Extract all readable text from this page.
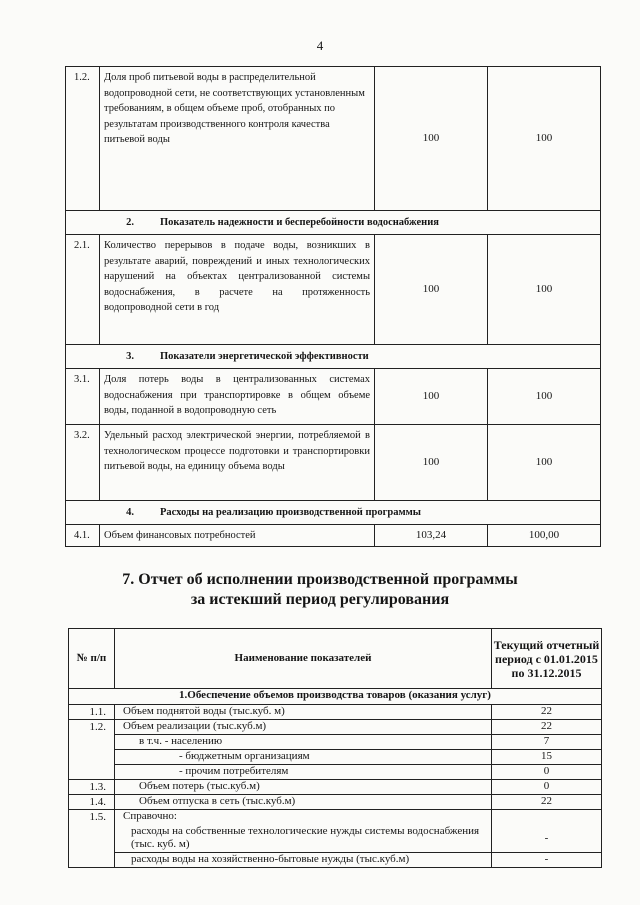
4
1.2.	Доля проб питьевой воды в распределительной водопроводной сети, не соответствующих установленным требованиям, в общем объеме проб, отобранных по результатам производственного контроля качества питьевой воды	100	100
2. Показатель надежности и бесперебойности водоснабжения			
2.1.	Количество перерывов в подаче воды, возникших в результате аварий, повреждений и иных технологических нарушений на объектах централизованной системы водоснабжения, в расчете на протяженность водопроводной сети в год	100	100
3. Показатели энергетической эффективности			
3.1.	Доля потерь воды в централизованных системах водоснабжения при транспортировке в общем объеме воды, поданной в водопроводную сеть	100	100
3.2.	Удельный расход электрической энергии, потребляемой в технологическом процессе подготовки и транспортировки питьевой воды, на единицу объема воды	100	100
4. Расходы на реализацию производственной программы			
4.1.	Объем финансовых потребностей	103,24	100,00
7. Отчет об исполнении производственной программы
за истекший период регулирования
№ п/п	Наименование показателей	Текущий отчетный период с 01.01.2015 по 31.12.2015
1.Обеспечение объемов производства товаров (оказания услуг)		
1.1.	Объем поднятой воды (тыс.куб. м)	22
1.2.	Объем реализации (тыс.куб.м)	22
	в т.ч. - населению	7
	- бюджетным организациям	15
	- прочим потребителям	0
1.3.	Объем потерь (тыс.куб.м)	0
1.4.	Объем отпуска в сеть (тыс.куб.м)	22
1.5.	Справочно:	
	расходы на собственные технологические нужды системы водоснабжения (тыс. куб. м)	-
	расходы воды на хозяйственно-бытовые нужды (тыс.куб.м)	-
